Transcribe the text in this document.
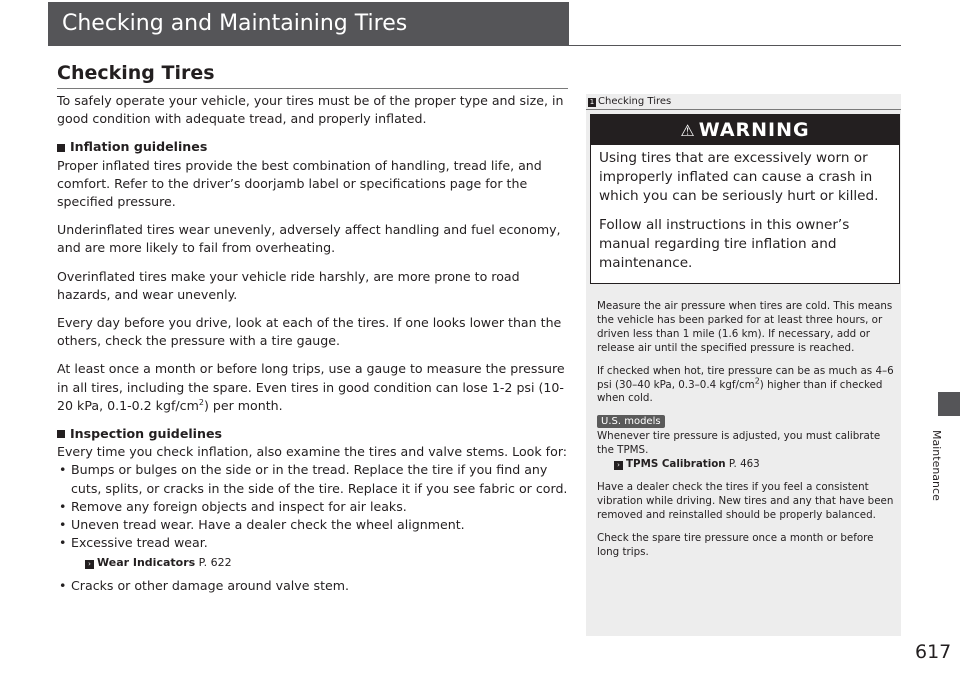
Checking and Maintaining Tires
Checking Tires

To safely operate your vehicle, your tires must be of the proper type and size, in good condition with adequate tread, and properly inflated.

Inflation guidelines

Proper inflated tires provide the best combination of handling, tread life, and comfort. Refer to the driver’s doorjamb label or specifications page for the specified pressure.

Underinflated tires wear unevenly, adversely affect handling and fuel economy, and are more likely to fail from overheating.

Overinflated tires make your vehicle ride harshly, are more prone to road hazards, and wear unevenly.

Every day before you drive, look at each of the tires. If one looks lower than the others, check the pressure with a tire gauge.

At least once a month or before long trips, use a gauge to measure the pressure in all tires, including the spare. Even tires in good condition can lose 1-2 psi (10-20 kPa, 0.1-0.2 kgf/$cm^2$) per month.

Inspection guidelines

Every time you check inflation, also examine the tires and valve stems. Look for:

• Bumps or bulges on the side or in the tread. Replace the tire if you find any cuts, splits, or cracks in the side of the tire. Replace it if you see fabric or cord.
• Remove any foreign objects and inspect for air leaks.
• Uneven tread wear. Have a dealer check the wheel alignment.
• Excessive tread wear.
› Wear Indicators P. 622
• Cracks or other damage around valve stem.
1 Checking Tires
⚠ WARNING

Using tires that are excessively worn or improperly inflated can cause a crash in which you can be seriously hurt or killed.

Follow all instructions in this owner’s manual regarding tire inflation and maintenance.

Measure the air pressure when tires are cold. This means the vehicle has been parked for at least three hours, or driven less than 1 mile (1.6 km). If necessary, add or release air until the specified pressure is reached.

If checked when hot, tire pressure can be as much as 4–6 psi (30–40 kPa, 0.3–0.4 kgf/$cm^2$) higher than if checked when cold.

U.S. models

Whenever tire pressure is adjusted, you must calibrate the TPMS.

› TPMS Calibration P. 463

Have a dealer check the tires if you feel a consistent vibration while driving. New tires and any that have been removed and reinstalled should be properly balanced.

Check the spare tire pressure once a month or before long trips.

Maintenance
617
